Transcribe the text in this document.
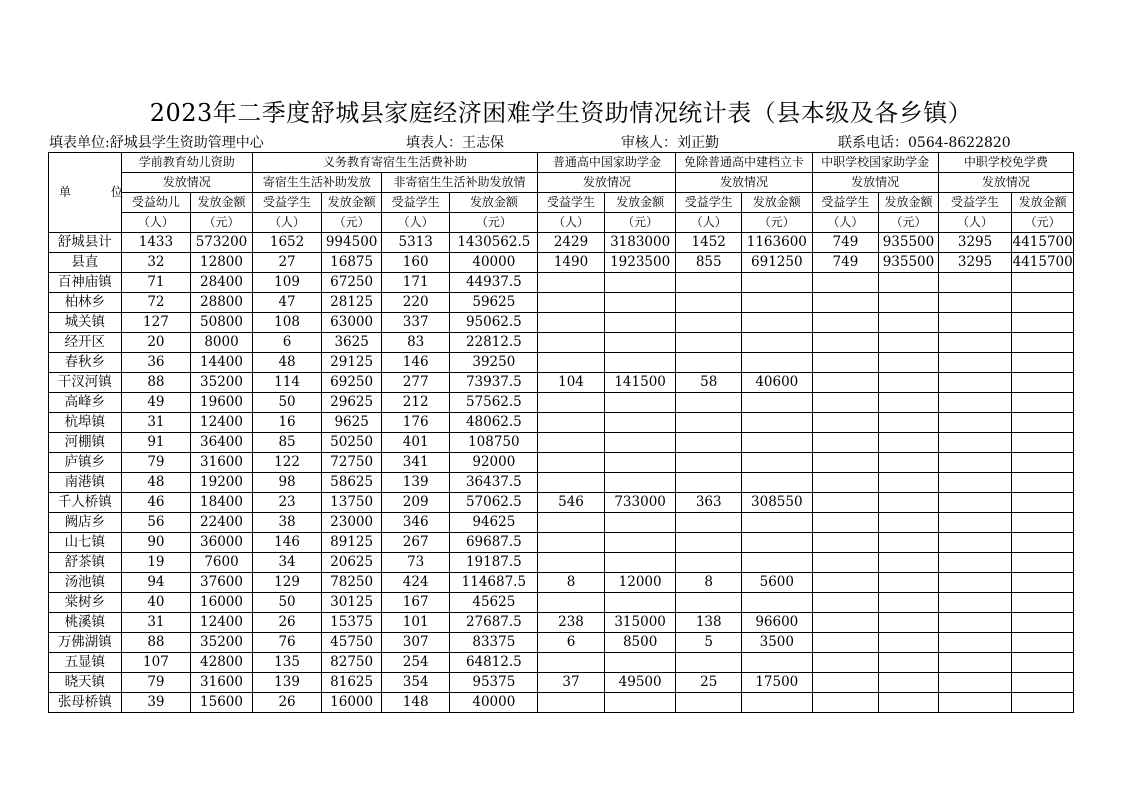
2023年二季度舒城县家庭经济困难学生资助情况统计表（县本级及各乡镇）
填表单位:舒城县学生资助管理中心	填表人：王志保	审核人：刘正勤	联系电话：0564-8622820
单 位	学前教育幼儿资助		义务教育寄宿生生活费补助				普通高中国家助学金		免除普通高中建档立卡		中职学校国家助学金		中职学校免学费	
	发放情况		寄宿生生活补助发放		非寄宿生生活补助发放情		发放情况		发放情况		发放情况		发放情况	
	受益幼儿	发放金额	受益学生	发放金额	受益学生	发放金额	受益学生	发放金额	受益学生	发放金额	受益学生	发放金额	受益学生	发放金额
	（人）	（元）	（人）	（元）	（人）	（元）	（人）	（元）	（人）	（元）	（人）	（元）	（人）	（元）
舒城县计	1433	573200	1652	994500	5313	1430562.5	2429	3183000	1452	1163600	749	935500	3295	4415700
县直	32	12800	27	16875	160	40000	1490	1923500	855	691250	749	935500	3295	4415700
百神庙镇	71	28400	109	67250	171	44937.5								
柏林乡	72	28800	47	28125	220	59625								
城关镇	127	50800	108	63000	337	95062.5								
经开区	20	8000	6	3625	83	22812.5								
春秋乡	36	14400	48	29125	146	39250								
干汊河镇	88	35200	114	69250	277	73937.5	104	141500	58	40600				
高峰乡	49	19600	50	29625	212	57562.5								
杭埠镇	31	12400	16	9625	176	48062.5								
河棚镇	91	36400	85	50250	401	108750								
庐镇乡	79	31600	122	72750	341	92000								
南港镇	48	19200	98	58625	139	36437.5								
千人桥镇	46	18400	23	13750	209	57062.5	546	733000	363	308550				
阙店乡	56	22400	38	23000	346	94625								
山七镇	90	36000	146	89125	267	69687.5								
舒茶镇	19	7600	34	20625	73	19187.5								
汤池镇	94	37600	129	78250	424	114687.5	8	12000	8	5600				
棠树乡	40	16000	50	30125	167	45625								
桃溪镇	31	12400	26	15375	101	27687.5	238	315000	138	96600				
万佛湖镇	88	35200	76	45750	307	83375	6	8500	5	3500				
五显镇	107	42800	135	82750	254	64812.5								
晓天镇	79	31600	139	81625	354	95375	37	49500	25	17500				
张母桥镇	39	15600	26	16000	148	40000								
